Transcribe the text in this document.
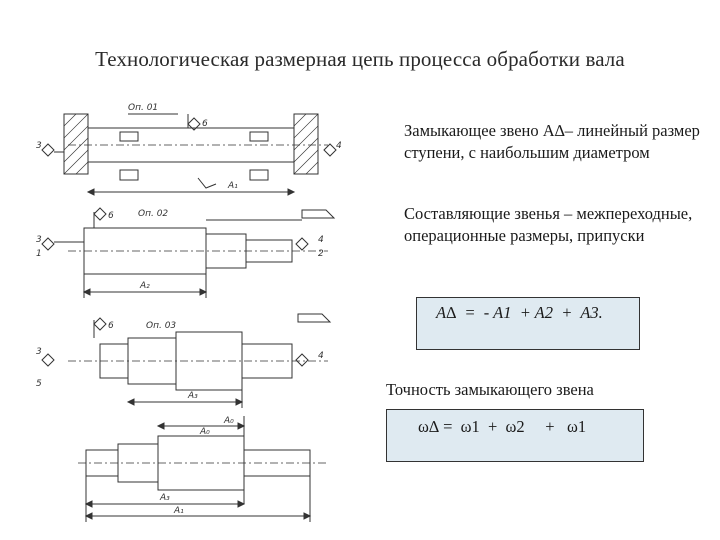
Технологическая размерная цепь процесса обработки вала
Оп. 01
6
3	4
A₁
Оп. 02
6
3
1
4
2
A₂
Оп. 03
6
3
5
4
A₃
A₀
A₀
A₃
A₁
Замыкающее звено A∆– линейный размер ступени, с наибольшим диаметром
Составляющие звенья – межпереходные, операционные размеры, припуски
A∆  =  - A1  + A2  +  A3.
Точность замыкающего звена
ω∆ =  ω1  +  ω2     +   ω1
